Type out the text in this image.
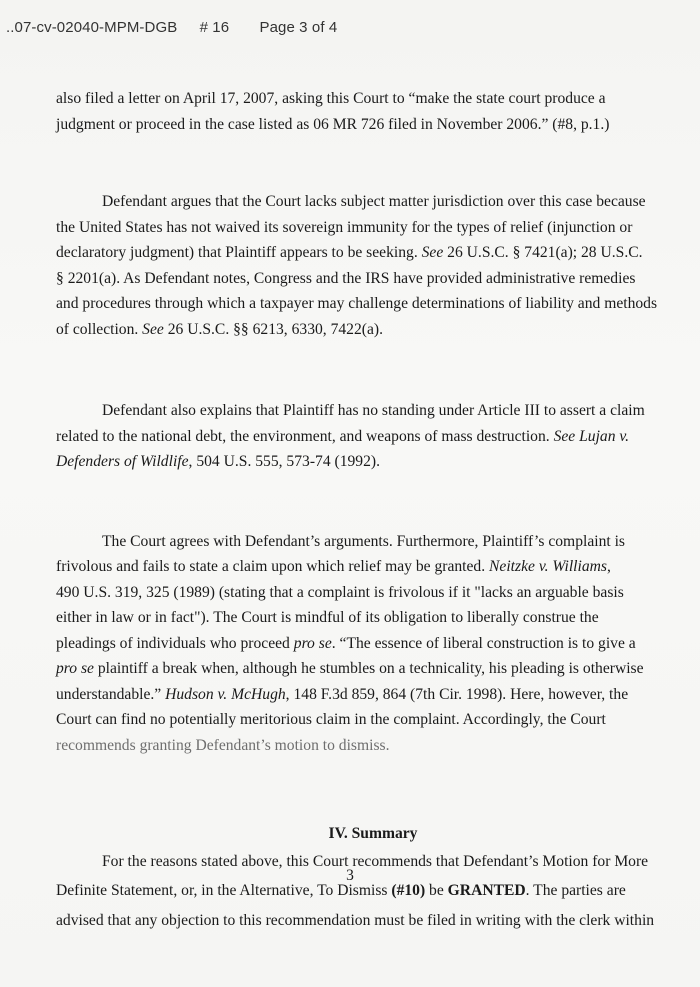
..07-cv-02040-MPM-DGB # 16 Page 3 of 4

also filed a letter on April 17, 2007, asking this Court to “make the state court produce a
judgment or proceed in the case listed as 06 MR 726 filed in November 2006.” (#8, p.1.)

Defendant argues that the Court lacks subject matter jurisdiction over this case because
the United States has not waived its sovereign immunity for the types of relief (injunction or
declaratory judgment) that Plaintiff appears to be seeking. See 26 U.S.C. § 7421(a); 28 U.S.C.
§ 2201(a). As Defendant notes, Congress and the IRS have provided administrative remedies
and procedures through which a taxpayer may challenge determinations of liability and methods
of collection. See 26 U.S.C. §§ 6213, 6330, 7422(a).

Defendant also explains that Plaintiff has no standing under Article III to assert a claim
related to the national debt, the environment, and weapons of mass destruction. See Lujan v.
Defenders of Wildlife, 504 U.S. 555, 573-74 (1992).

The Court agrees with Defendant’s arguments. Furthermore, Plaintiff’s complaint is
frivolous and fails to state a claim upon which relief may be granted. Neitzke v. Williams,
490 U.S. 319, 325 (1989) (stating that a complaint is frivolous if it "lacks an arguable basis
either in law or in fact"). The Court is mindful of its obligation to liberally construe the
pleadings of individuals who proceed pro se. “The essence of liberal construction is to give a
pro se plaintiff a break when, although he stumbles on a technicality, his pleading is otherwise
understandable.” Hudson v. McHugh, 148 F.3d 859, 864 (7th Cir. 1998). Here, however, the
Court can find no potentially meritorious claim in the complaint. Accordingly, the Court
recommends granting Defendant’s motion to dismiss.

IV. Summary

For the reasons stated above, this Court recommends that Defendant’s Motion for More
Definite Statement, or, in the Alternative, To Dismiss (#10) be GRANTED. The parties are
advised that any objection to this recommendation must be filed in writing with the clerk within

3
